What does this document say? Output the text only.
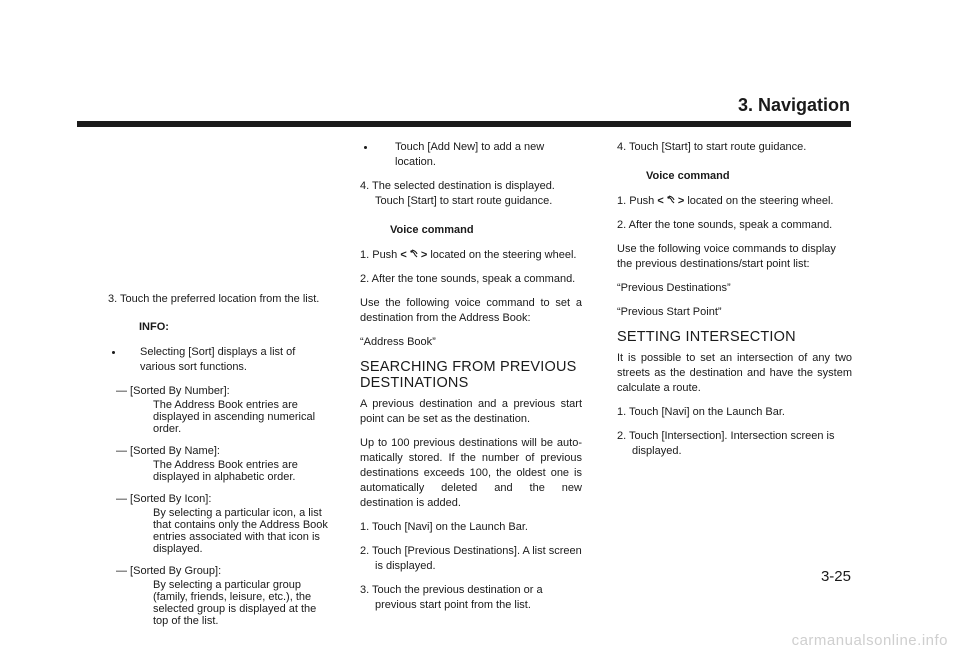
3. Navigation

3. Touch the preferred location from the list.

INFO:

Selecting [Sort] displays a list of various sort functions.

— [Sorted By Number]:

The Address Book entries are displayed in ascending numerical order.

— [Sorted By Name]:

The Address Book entries are displayed in alphabetic order.

— [Sorted By Icon]:

By selecting a particular icon, a list that contains only the Address Book entries associated with that icon is displayed.

— [Sorted By Group]:

By selecting a particular group (family, friends, leisure, etc.), the selected group is displayed at the top of the list.

Touch [Add New] to add a new location.

4. The selected destination is displayed. Touch [Start] to start route guidance.

Voice command

1. Push < > located on the steering wheel.

2. After the tone sounds, speak a command.

Use the following voice command to set a destination from the Address Book:

“Address Book”

SEARCHING FROM PREVIOUS DESTINATIONS

A previous destination and a previous start point can be set as the destination.

Up to 100 previous destinations will be auto-matically stored. If the number of previous destinations exceeds 100, the oldest one is automatically deleted and the new destination is added.

1. Touch [Navi] on the Launch Bar.

2. Touch [Previous Destinations]. A list screen is displayed.

3. Touch the previous destination or a previous start point from the list.

4. Touch [Start] to start route guidance.

Voice command

1. Push < > located on the steering wheel.

2. After the tone sounds, speak a command.

Use the following voice commands to display the previous destinations/start point list:

“Previous Destinations”

“Previous Start Point”

SETTING INTERSECTION

It is possible to set an intersection of any two streets as the destination and have the system calculate a route.

1. Touch [Navi] on the Launch Bar.

2. Touch [Intersection]. Intersection screen is displayed.

3-25
carmanualsonline.info
